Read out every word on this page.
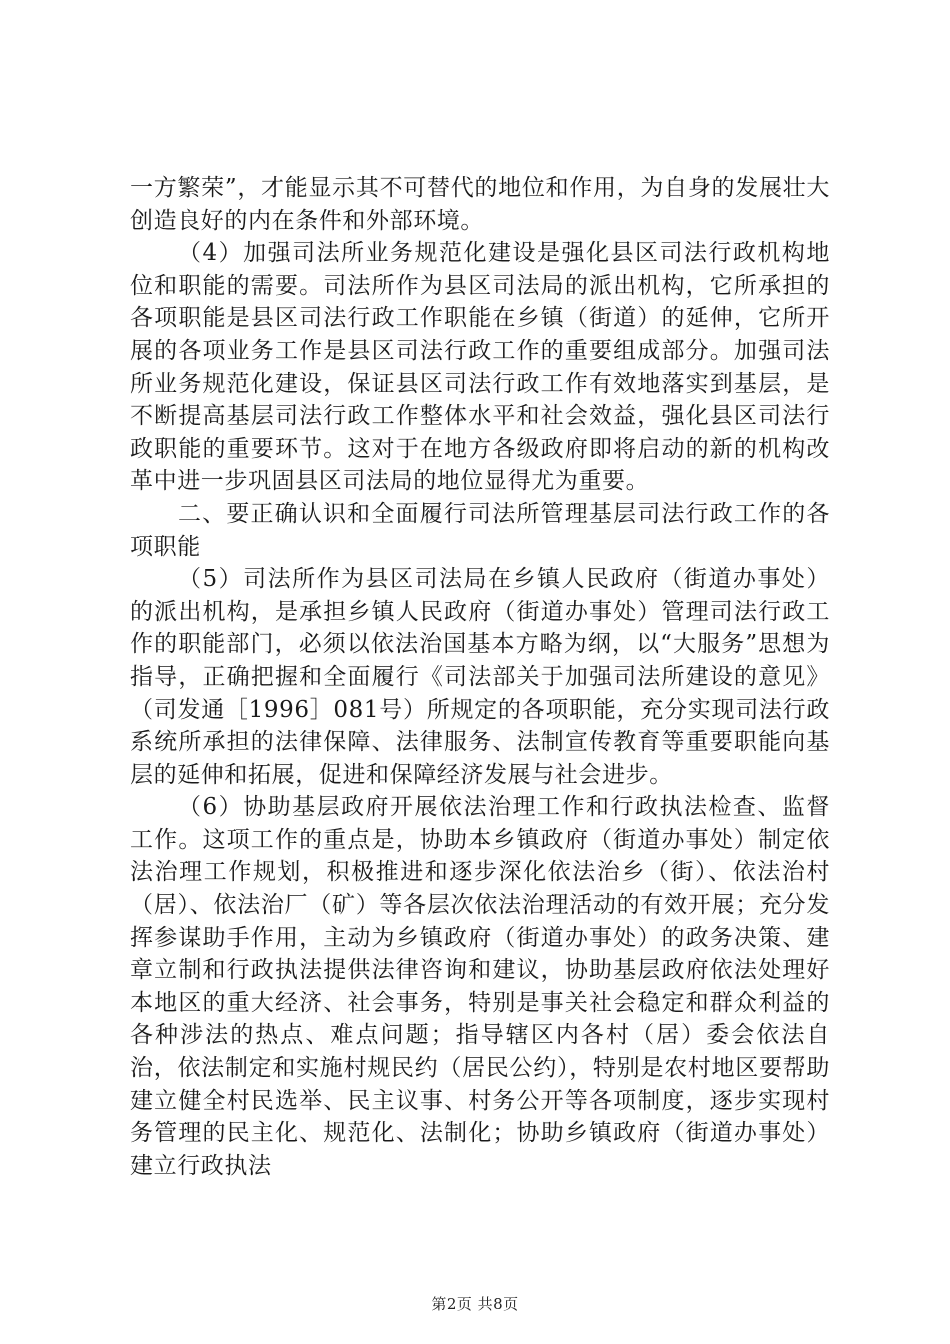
一方繁荣”，才能显示其不可替代的地位和作用，为自身的发展壮大创造良好的内在条件和外部环境。

（4）加强司法所业务规范化建设是强化县区司法行政机构地位和职能的需要。司法所作为县区司法局的派出机构，它所承担的各项职能是县区司法行政工作职能在乡镇（街道）的延伸，它所开展的各项业务工作是县区司法行政工作的重要组成部分。加强司法所业务规范化建设，保证县区司法行政工作有效地落实到基层，是不断提高基层司法行政工作整体水平和社会效益，强化县区司法行政职能的重要环节。这对于在地方各级政府即将启动的新的机构改革中进一步巩固县区司法局的地位显得尤为重要。

二、要正确认识和全面履行司法所管理基层司法行政工作的各项职能

（5）司法所作为县区司法局在乡镇人民政府（街道办事处）的派出机构，是承担乡镇人民政府（街道办事处）管理司法行政工作的职能部门，必须以依法治国基本方略为纲，以“大服务”思想为指导，正确把握和全面履行《司法部关于加强司法所建设的意见》（司发通［1996］081号）所规定的各项职能，充分实现司法行政系统所承担的法律保障、法律服务、法制宣传教育等重要职能向基层的延伸和拓展，促进和保障经济发展与社会进步。

（6）协助基层政府开展依法治理工作和行政执法检查、监督工作。这项工作的重点是，协助本乡镇政府（街道办事处）制定依法治理工作规划，积极推进和逐步深化依法治乡（街）、依法治村（居）、依法治厂（矿）等各层次依法治理活动的有效开展；充分发挥参谋助手作用，主动为乡镇政府（街道办事处）的政务决策、建章立制和行政执法提供法律咨询和建议，协助基层政府依法处理好本地区的重大经济、社会事务，特别是事关社会稳定和群众利益的各种涉法的热点、难点问题；指导辖区内各村（居）委会依法自治，依法制定和实施村规民约（居民公约），特别是农村地区要帮助建立健全村民选举、民主议事、村务公开等各项制度，逐步实现村务管理的民主化、规范化、法制化；协助乡镇政府（街道办事处）建立行政执法

第2页 共8页
